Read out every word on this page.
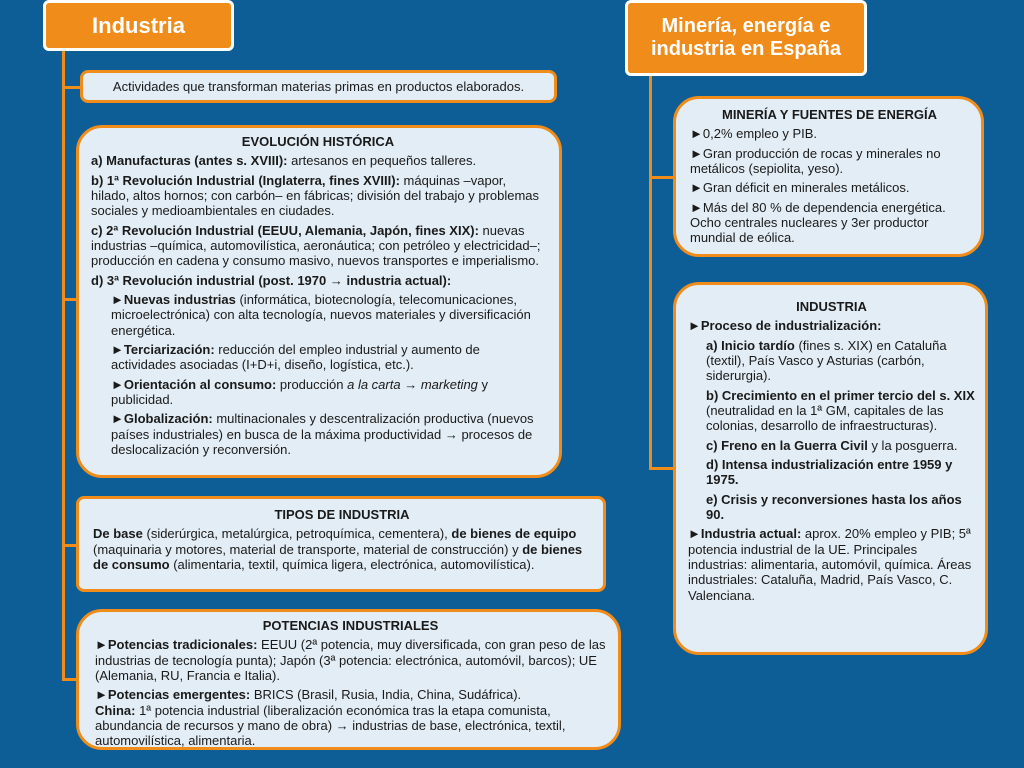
Industria	Minería, energía e industria en España
Actividades que transforman materias primas en productos elaborados.
EVOLUCIÓN HISTÓRICA
a) Manufacturas (antes s. XVIII): artesanos en pequeños talleres.
b) 1ª Revolución Industrial (Inglaterra, fines XVIII): máquinas –vapor, hilado, altos hornos; con carbón– en fábricas; división del trabajo y problemas sociales y medioambientales en ciudades.
c) 2ª Revolución Industrial (EEUU, Alemania, Japón, fines XIX): nuevas industrias –química, automovilística, aeronáutica; con petróleo y electricidad–; producción en cadena y consumo masivo, nuevos transportes e imperialismo.
d) 3ª Revolución industrial (post. 1970 → industria actual):
►Nuevas industrias (informática, biotecnología, telecomunicaciones, microelectrónica) con alta tecnología, nuevos materiales y diversificación energética.
►Terciarización: reducción del empleo industrial y aumento de actividades asociadas (I+D+i, diseño, logística, etc.).
►Orientación al consumo: producción a la carta → marketing y publicidad.
►Globalización: multinacionales y descentralización productiva (nuevos países industriales) en busca de la máxima productividad → procesos de deslocalización y reconversión.
TIPOS DE INDUSTRIA
De base (siderúrgica, metalúrgica, petroquímica, cementera), de bienes de equipo (maquinaria y motores, material de transporte, material de construcción) y de bienes de consumo (alimentaria, textil, química ligera, electrónica, automovilística).
POTENCIAS INDUSTRIALES
►Potencias tradicionales: EEUU (2ª potencia, muy diversificada, con gran peso de las industrias de tecnología punta); Japón (3ª potencia: electrónica, automóvil, barcos); UE (Alemania, RU, Francia e Italia).
►Potencias emergentes: BRICS (Brasil, Rusia, India, China, Sudáfrica).
China: 1ª potencia industrial (liberalización económica tras la etapa comunista, abundancia de recursos y mano de obra) → industrias de base, electrónica, textil, automovilística, alimentaria.
MINERÍA Y FUENTES DE ENERGÍA
►0,2% empleo y PIB.
►Gran producción de rocas y minerales no metálicos (sepiolita, yeso).
►Gran déficit en minerales metálicos.
►Más del 80 % de dependencia energética. Ocho centrales nucleares y 3er productor mundial de eólica.
INDUSTRIA
►Proceso de industrialización:
a) Inicio tardío (fines s. XIX) en Cataluña (textil), País Vasco y Asturias (carbón, siderurgia).
b) Crecimiento en el primer tercio del s. XIX (neutralidad en la 1ª GM, capitales de las colonias, desarrollo de infraestructuras).
c) Freno en la Guerra Civil y la posguerra.
d) Intensa industrialización entre 1959 y 1975.
e) Crisis y reconversiones hasta los años 90.
►Industria actual: aprox. 20% empleo y PIB; 5ª potencia industrial de la UE. Principales industrias: alimentaria, automóvil, química. Áreas industriales: Cataluña, Madrid, País Vasco, C. Valenciana.
